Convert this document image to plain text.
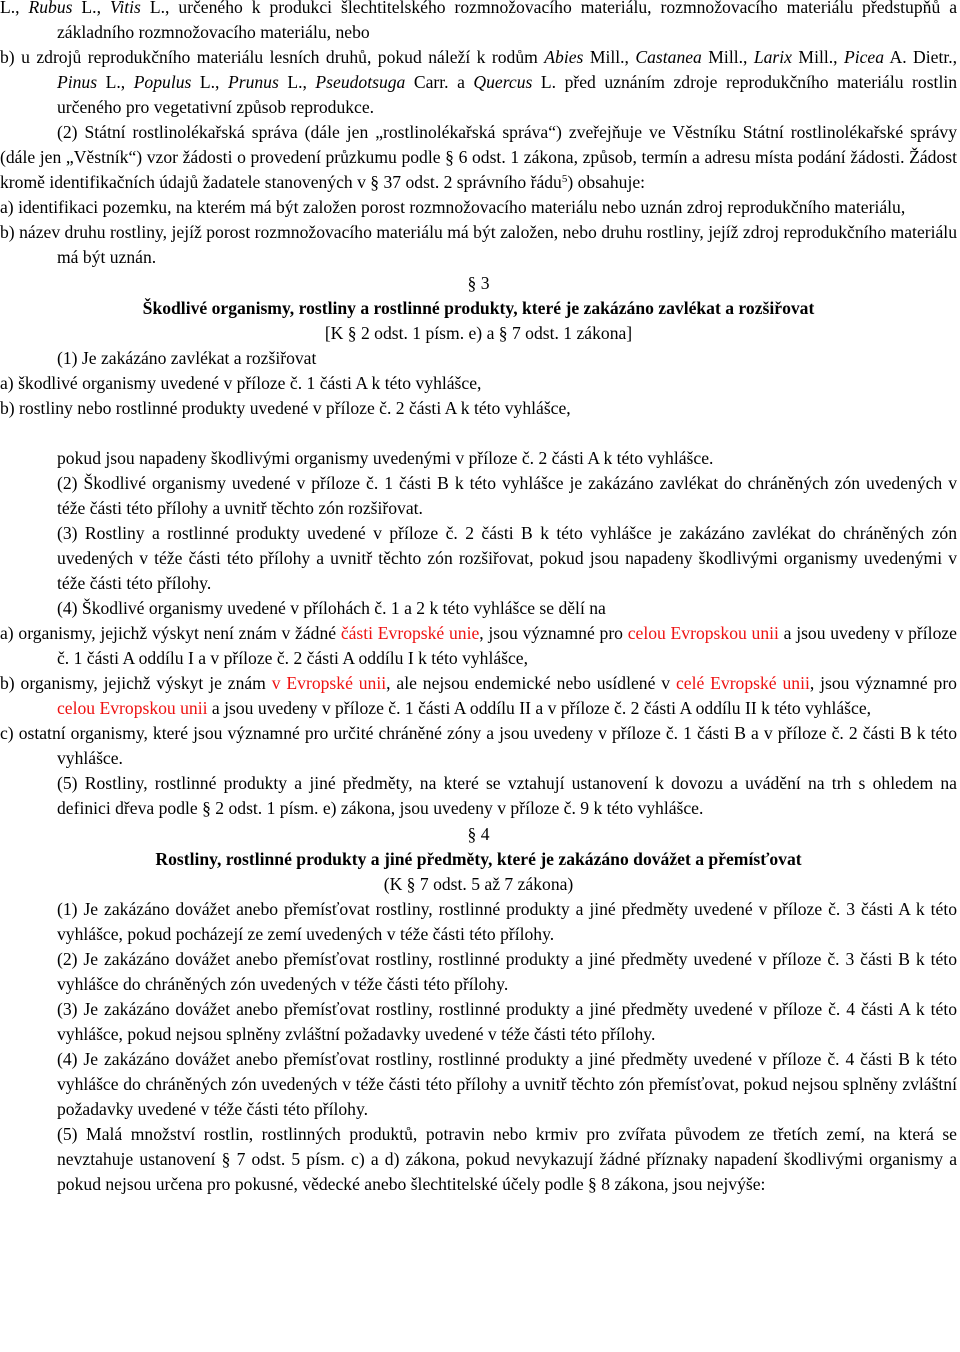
L., Rubus L., Vitis L., určeného k produkci šlechtitelského rozmnožovacího materiálu, rozmnožovacího materiálu předstupňů a základního rozmnožovacího materiálu, nebo

b) u zdrojů reprodukčního materiálu lesních druhů, pokud náleží k rodům Abies Mill., Castanea Mill., Larix Mill., Picea A. Dietr., Pinus L., Populus L., Prunus L., Pseudotsuga Carr. a Quercus L. před uznáním zdroje reprodukčního materiálu rostlin určeného pro vegetativní způsob reprodukce.

(2) Státní rostlinolékařská správa (dále jen „rostlinolékařská správa“) zveřejňuje ve Věstníku Státní rostlinolékařské správy (dále jen „Věstník“) vzor žádosti o provedení průzkumu podle § 6 odst. 1 zákona, způsob, termín a adresu místa podání žádosti. Žádost kromě identifikačních údajů žadatele stanovených v § 37 odst. 2 správního řádu$^5$) obsahuje:

a) identifikaci pozemku, na kterém má být založen porost rozmnožovacího materiálu nebo uznán zdroj reprodukčního materiálu,

b) název druhu rostliny, jejíž porost rozmnožovacího materiálu má být založen, nebo druhu rostliny, jejíž zdroj reprodukčního materiálu má být uznán.

§ 3

Škodlivé organismy, rostliny a rostlinné produkty, které je zakázáno zavlékat a rozšiřovat

[K § 2 odst. 1 písm. e) a § 7 odst. 1 zákona]

(1) Je zakázáno zavlékat a rozšiřovat

a) škodlivé organismy uvedené v příloze č. 1 části A k této vyhlášce,

b) rostliny nebo rostlinné produkty uvedené v příloze č. 2 části A k této vyhlášce,

pokud jsou napadeny škodlivými organismy uvedenými v příloze č. 2 části A k této vyhlášce.

(2) Škodlivé organismy uvedené v příloze č. 1 části B k této vyhlášce je zakázáno zavlékat do chráněných zón uvedených v téže části této přílohy a uvnitř těchto zón rozšiřovat.

(3) Rostliny a rostlinné produkty uvedené v příloze č. 2 části B k této vyhlášce je zakázáno zavlékat do chráněných zón uvedených v téže části této přílohy a uvnitř těchto zón rozšiřovat, pokud jsou napadeny škodlivými organismy uvedenými v téže části této přílohy.

(4) Škodlivé organismy uvedené v přílohách č. 1 a 2 k této vyhlášce se dělí na

a) organismy, jejichž výskyt není znám v žádné části Evropské unie, jsou významné pro celou Evropskou unii a jsou uvedeny v příloze č. 1 části A oddílu I a v příloze č. 2 části A oddílu I k této vyhlášce,

b) organismy, jejichž výskyt je znám v Evropské unii, ale nejsou endemické nebo usídlené v celé Evropské unii, jsou významné pro celou Evropskou unii a jsou uvedeny v příloze č. 1 části A oddílu II a v příloze č. 2 části A oddílu II k této vyhlášce,

c) ostatní organismy, které jsou významné pro určité chráněné zóny a jsou uvedeny v příloze č. 1 části B a v příloze č. 2 části B k této vyhlášce.

(5) Rostliny, rostlinné produkty a jiné předměty, na které se vztahují ustanovení k dovozu a uvádění na trh s ohledem na definici dřeva podle § 2 odst. 1 písm. e) zákona, jsou uvedeny v příloze č. 9 k této vyhlášce.

§ 4

Rostliny, rostlinné produkty a jiné předměty, které je zakázáno dovážet a přemísťovat

(K § 7 odst. 5 až 7 zákona)

(1) Je zakázáno dovážet anebo přemísťovat rostliny, rostlinné produkty a jiné předměty uvedené v příloze č. 3 části A k této vyhlášce, pokud pocházejí ze zemí uvedených v téže části této přílohy.

(2) Je zakázáno dovážet anebo přemísťovat rostliny, rostlinné produkty a jiné předměty uvedené v příloze č. 3 části B k této vyhlášce do chráněných zón uvedených v téže části této přílohy.

(3) Je zakázáno dovážet anebo přemísťovat rostliny, rostlinné produkty a jiné předměty uvedené v příloze č. 4 části A k této vyhlášce, pokud nejsou splněny zvláštní požadavky uvedené v téže části této přílohy.

(4) Je zakázáno dovážet anebo přemísťovat rostliny, rostlinné produkty a jiné předměty uvedené v příloze č. 4 části B k této vyhlášce do chráněných zón uvedených v téže části této přílohy a uvnitř těchto zón přemísťovat, pokud nejsou splněny zvláštní požadavky uvedené v téže části této přílohy.

(5) Malá množství rostlin, rostlinných produktů, potravin nebo krmiv pro zvířata původem ze třetích zemí, na která se nevztahuje ustanovení § 7 odst. 5 písm. c) a d) zákona, pokud nevykazují žádné příznaky napadení škodlivými organismy a pokud nejsou určena pro pokusné, vědecké anebo šlechtitelské účely podle § 8 zákona, jsou nejvýše:
